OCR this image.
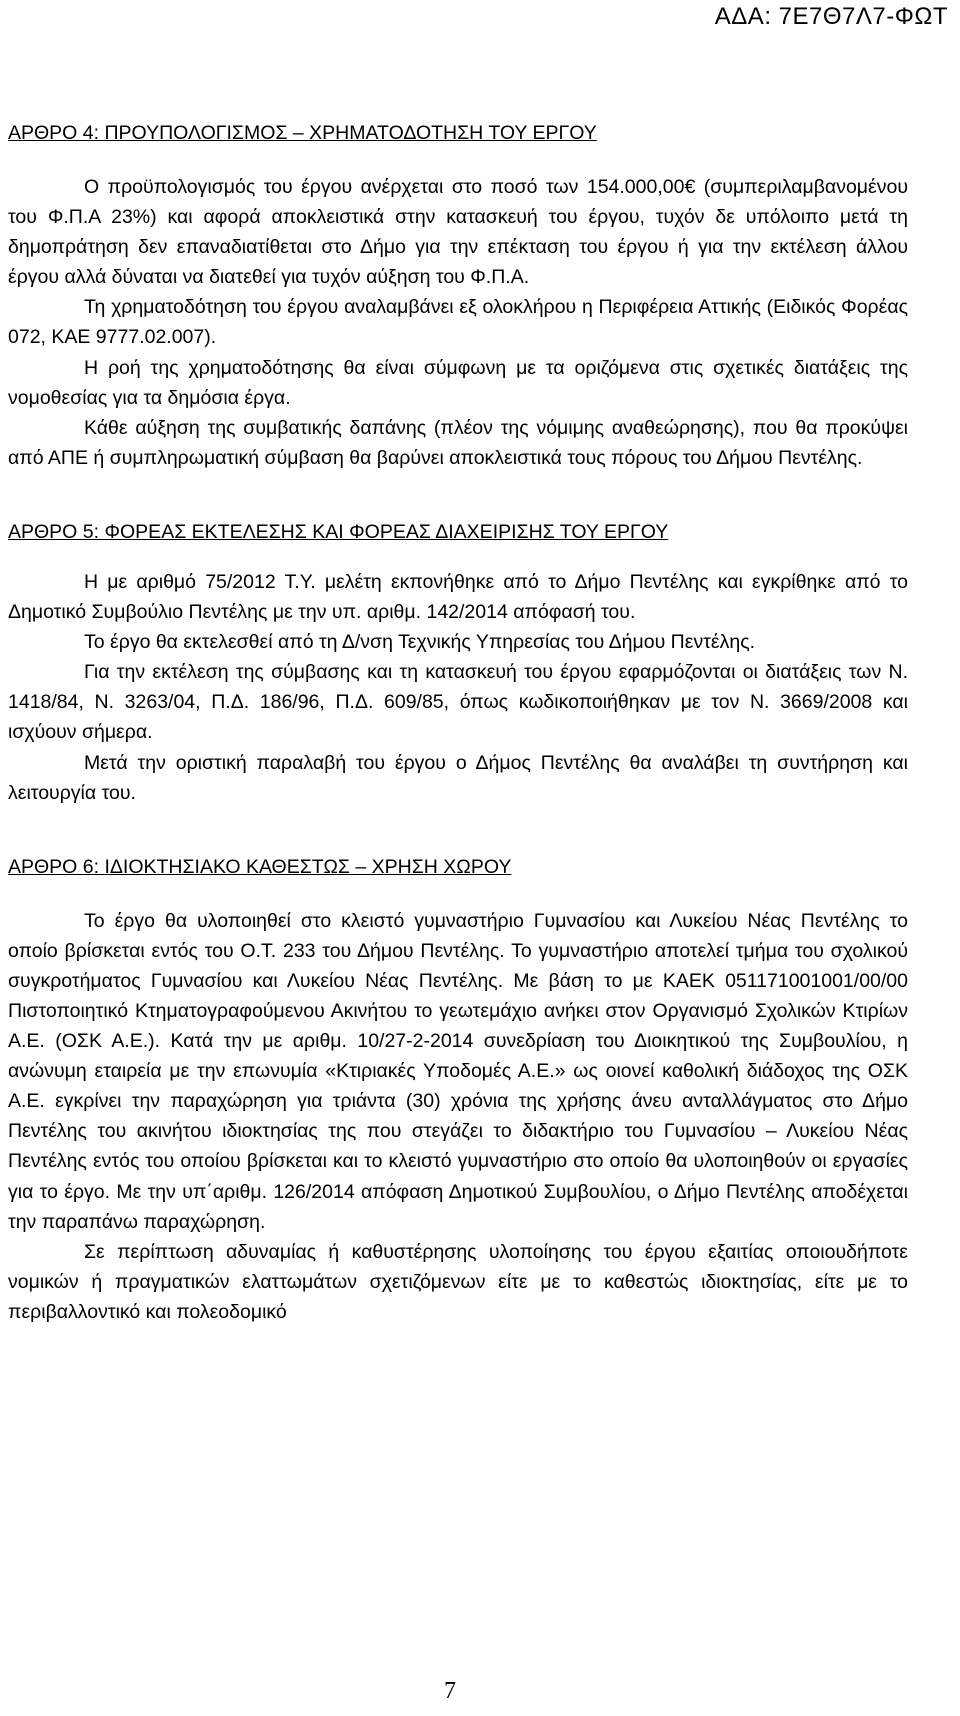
ΑΔΑ: 7Ε7Θ7Λ7-ΦΩΤ
ΑΡΘΡΟ 4: ΠΡΟΥΠΟΛΟΓΙΣΜΟΣ – ΧΡΗΜΑΤΟΔΟΤΗΣΗ ΤΟΥ ΕΡΓΟΥ

Ο προϋπολογισμός του έργου ανέρχεται στο ποσό των 154.000,00€ (συμπεριλαμβανομένου του Φ.Π.Α 23%) και αφορά αποκλειστικά στην κατασκευή του έργου, τυχόν δε υπόλοιπο μετά τη δημοπράτηση δεν επαναδιατίθεται στο Δήμο για την επέκταση του έργου ή για την εκτέλεση άλλου έργου αλλά δύναται να διατεθεί για τυχόν αύξηση του Φ.Π.Α.

Τη χρηματοδότηση του έργου αναλαμβάνει εξ ολοκλήρου η Περιφέρεια Αττικής (Ειδικός Φορέας 072, ΚΑΕ 9777.02.007).

Η ροή της χρηματοδότησης θα είναι σύμφωνη με τα οριζόμενα στις σχετικές διατάξεις της νομοθεσίας για τα δημόσια έργα.

Κάθε αύξηση της συμβατικής δαπάνης (πλέον της νόμιμης αναθεώρησης), που θα προκύψει από ΑΠΕ ή συμπληρωματική σύμβαση θα βαρύνει αποκλειστικά τους πόρους του Δήμου Πεντέλης.

ΑΡΘΡΟ 5: ΦΟΡΕΑΣ ΕΚΤΕΛΕΣΗΣ ΚΑΙ ΦΟΡΕΑΣ ΔΙΑΧΕΙΡΙΣΗΣ ΤΟΥ ΕΡΓΟΥ

Η με αριθμό 75/2012 Τ.Υ. μελέτη εκπονήθηκε από το Δήμο Πεντέλης και εγκρίθηκε από το Δημοτικό Συμβούλιο Πεντέλης με την υπ. αριθμ. 142/2014 απόφασή του.

Το έργο θα εκτελεσθεί από τη Δ/νση Τεχνικής Υπηρεσίας του Δήμου Πεντέλης.

Για την εκτέλεση της σύμβασης και τη κατασκευή του έργου εφαρμόζονται οι διατάξεις των Ν. 1418/84, Ν. 3263/04, Π.Δ. 186/96, Π.Δ. 609/85, όπως κωδικοποιήθηκαν με τον Ν. 3669/2008 και ισχύουν σήμερα.

Μετά την οριστική παραλαβή του έργου ο Δήμος Πεντέλης θα αναλάβει τη συντήρηση και λειτουργία του.

ΑΡΘΡΟ 6: ΙΔΙΟΚΤΗΣΙΑΚΟ ΚΑΘΕΣΤΩΣ – ΧΡΗΣΗ ΧΩΡΟΥ

Το έργο θα υλοποιηθεί στο κλειστό γυμναστήριο Γυμνασίου και Λυκείου Νέας Πεντέλης το οποίο βρίσκεται εντός του Ο.Τ. 233 του Δήμου Πεντέλης. Το γυμναστήριο αποτελεί τμήμα του σχολικού συγκροτήματος Γυμνασίου και Λυκείου Νέας Πεντέλης. Με βάση το με ΚΑΕΚ 051171001001/00/00 Πιστοποιητικό Κτηματογραφούμενου Ακινήτου το γεωτεμάχιο ανήκει στον Οργανισμό Σχολικών Κτιρίων Α.Ε. (ΟΣΚ Α.Ε.). Κατά την με αριθμ. 10/27-2-2014 συνεδρίαση του Διοικητικού της Συμβουλίου, η ανώνυμη εταιρεία με την επωνυμία «Κτιριακές Υποδομές Α.Ε.» ως οιονεί καθολική διάδοχος της ΟΣΚ Α.Ε. εγκρίνει την παραχώρηση για τριάντα (30) χρόνια της χρήσης άνευ ανταλλάγματος στο Δήμο Πεντέλης του ακινήτου ιδιοκτησίας της που στεγάζει το διδακτήριο του Γυμνασίου – Λυκείου Νέας Πεντέλης εντός του οποίου βρίσκεται και το κλειστό γυμναστήριο στο οποίο θα υλοποιηθούν οι εργασίες για το έργο. Με την υπ΄αριθμ. 126/2014 απόφαση Δημοτικού Συμβουλίου, ο Δήμο Πεντέλης αποδέχεται την παραπάνω παραχώρηση.

Σε περίπτωση αδυναμίας ή καθυστέρησης υλοποίησης του έργου εξαιτίας οποιουδήποτε νομικών ή πραγματικών ελαττωμάτων σχετιζόμενων είτε με το καθεστώς ιδιοκτησίας, είτε με το περιβαλλοντικό και πολεοδομικό

7
